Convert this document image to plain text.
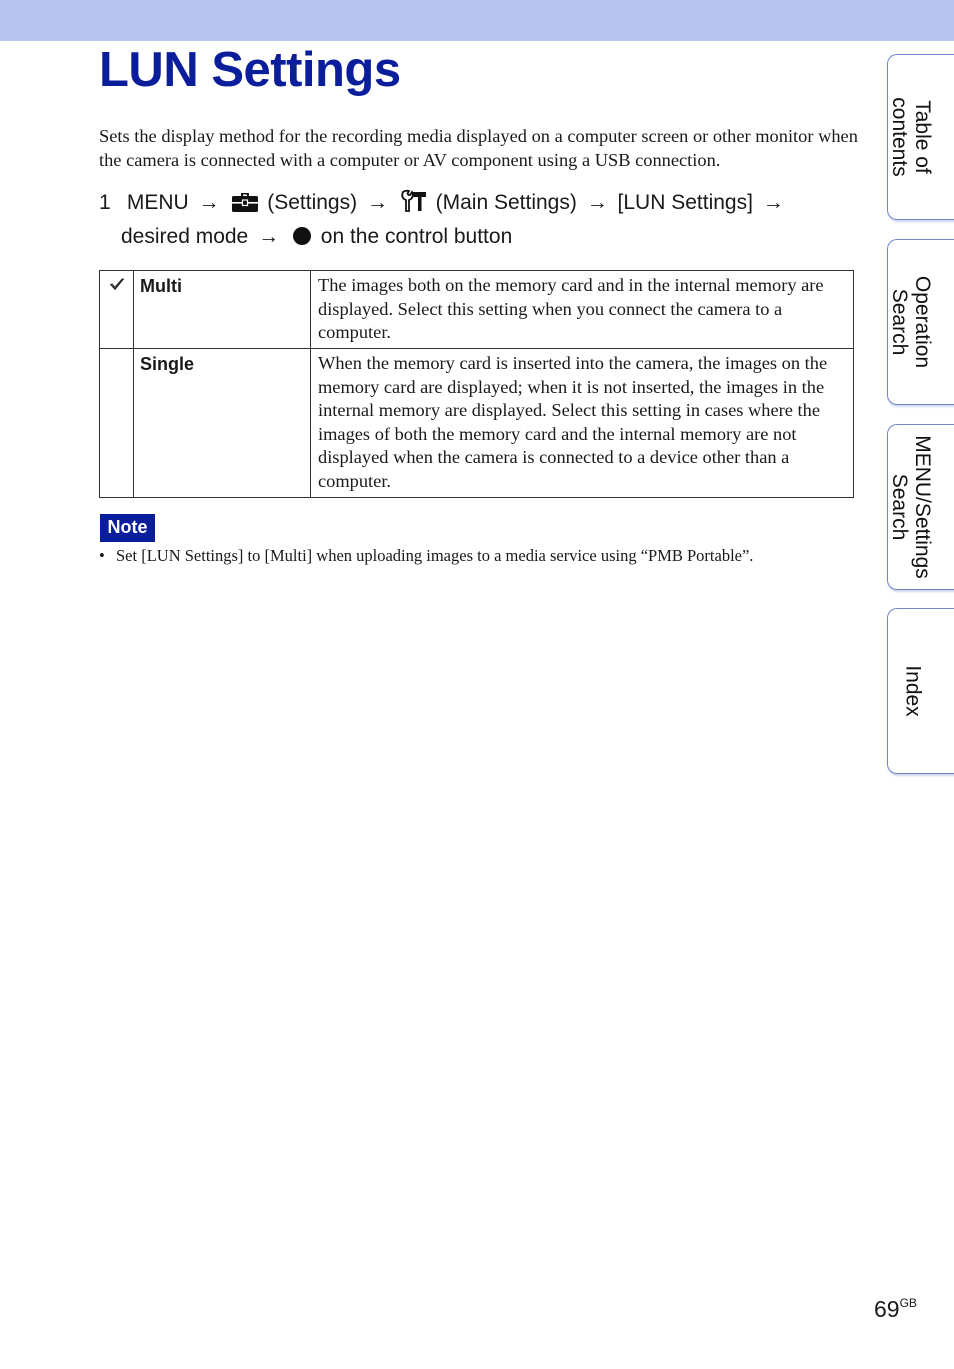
LUN Settings

Sets the display method for the recording media displayed on a computer screen or other monitor when the camera is connected with a computer or AV component using a USB connection.

1 MENU → (Settings) → (Main Settings) → [LUN Settings] →
desired mode → on the control button
	Multi	The images both on the memory card and in the internal memory are displayed. Select this setting when you connect the camera to a computer.
	Single	When the memory card is inserted into the camera, the images on the memory card are displayed; when it is not inserted, the images in the internal memory are displayed. Select this setting in cases where the images of both the memory card and the internal memory are not displayed when the camera is connected to a device other than a computer.
Note

• Set [LUN Settings] to [Multi] when uploading images to a media service using “PMB Portable”.

Table of
contents
Operation
Search
MENU/Settings
Search
Index
$69^{GB}$
